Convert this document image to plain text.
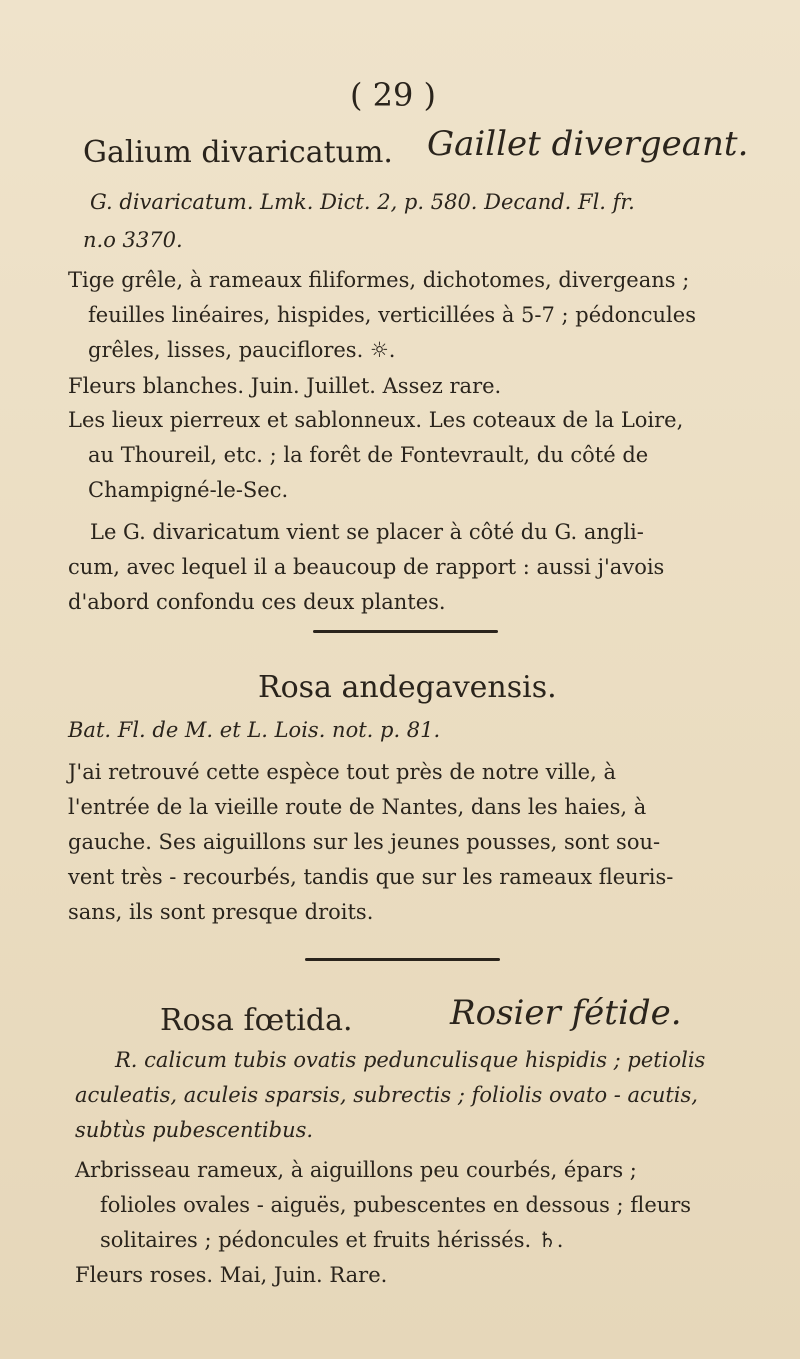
( 29 )
Galium divaricatum. Gaillet divergeant.
G. divaricatum. Lmk. Dict. 2, p. 580. Decand. Fl. fr.
n.o 3370.
Tige grêle, à rameaux filiformes, dichotomes, divergeans ;
feuilles linéaires, hispides, verticillées à 5-7 ; pédoncules
grêles, lisses, pauciflores. ☼.
Fleurs blanches. Juin. Juillet. Assez rare.
Les lieux pierreux et sablonneux. Les coteaux de la Loire,
au Thoureil, etc. ; la forêt de Fontevrault, du côté de
Champigné-le-Sec.
Le G. divaricatum vient se placer à côté du G. angli-
cum, avec lequel il a beaucoup de rapport : aussi j'avois
d'abord confondu ces deux plantes.
Rosa andegavensis.
Bat. Fl. de M. et L. Lois. not. p. 81.
J'ai retrouvé cette espèce tout près de notre ville, à
l'entrée de la vieille route de Nantes, dans les haies, à
gauche. Ses aiguillons sur les jeunes pousses, sont sou-
vent très - recourbés, tandis que sur les rameaux fleuris-
sans, ils sont presque droits.
Rosa fœtida.	Rosier fétide.
R. calicum tubis ovatis pedunculisque hispidis ; petiolis
aculeatis, aculeis sparsis, subrectis ; foliolis ovato - acutis,
subtùs pubescentibus.
Arbrisseau rameux, à aiguillons peu courbés, épars ;
folioles ovales - aiguës, pubescentes en dessous ; fleurs
solitaires ; pédoncules et fruits hérissés. ♄.
Fleurs roses. Mai, Juin. Rare.
